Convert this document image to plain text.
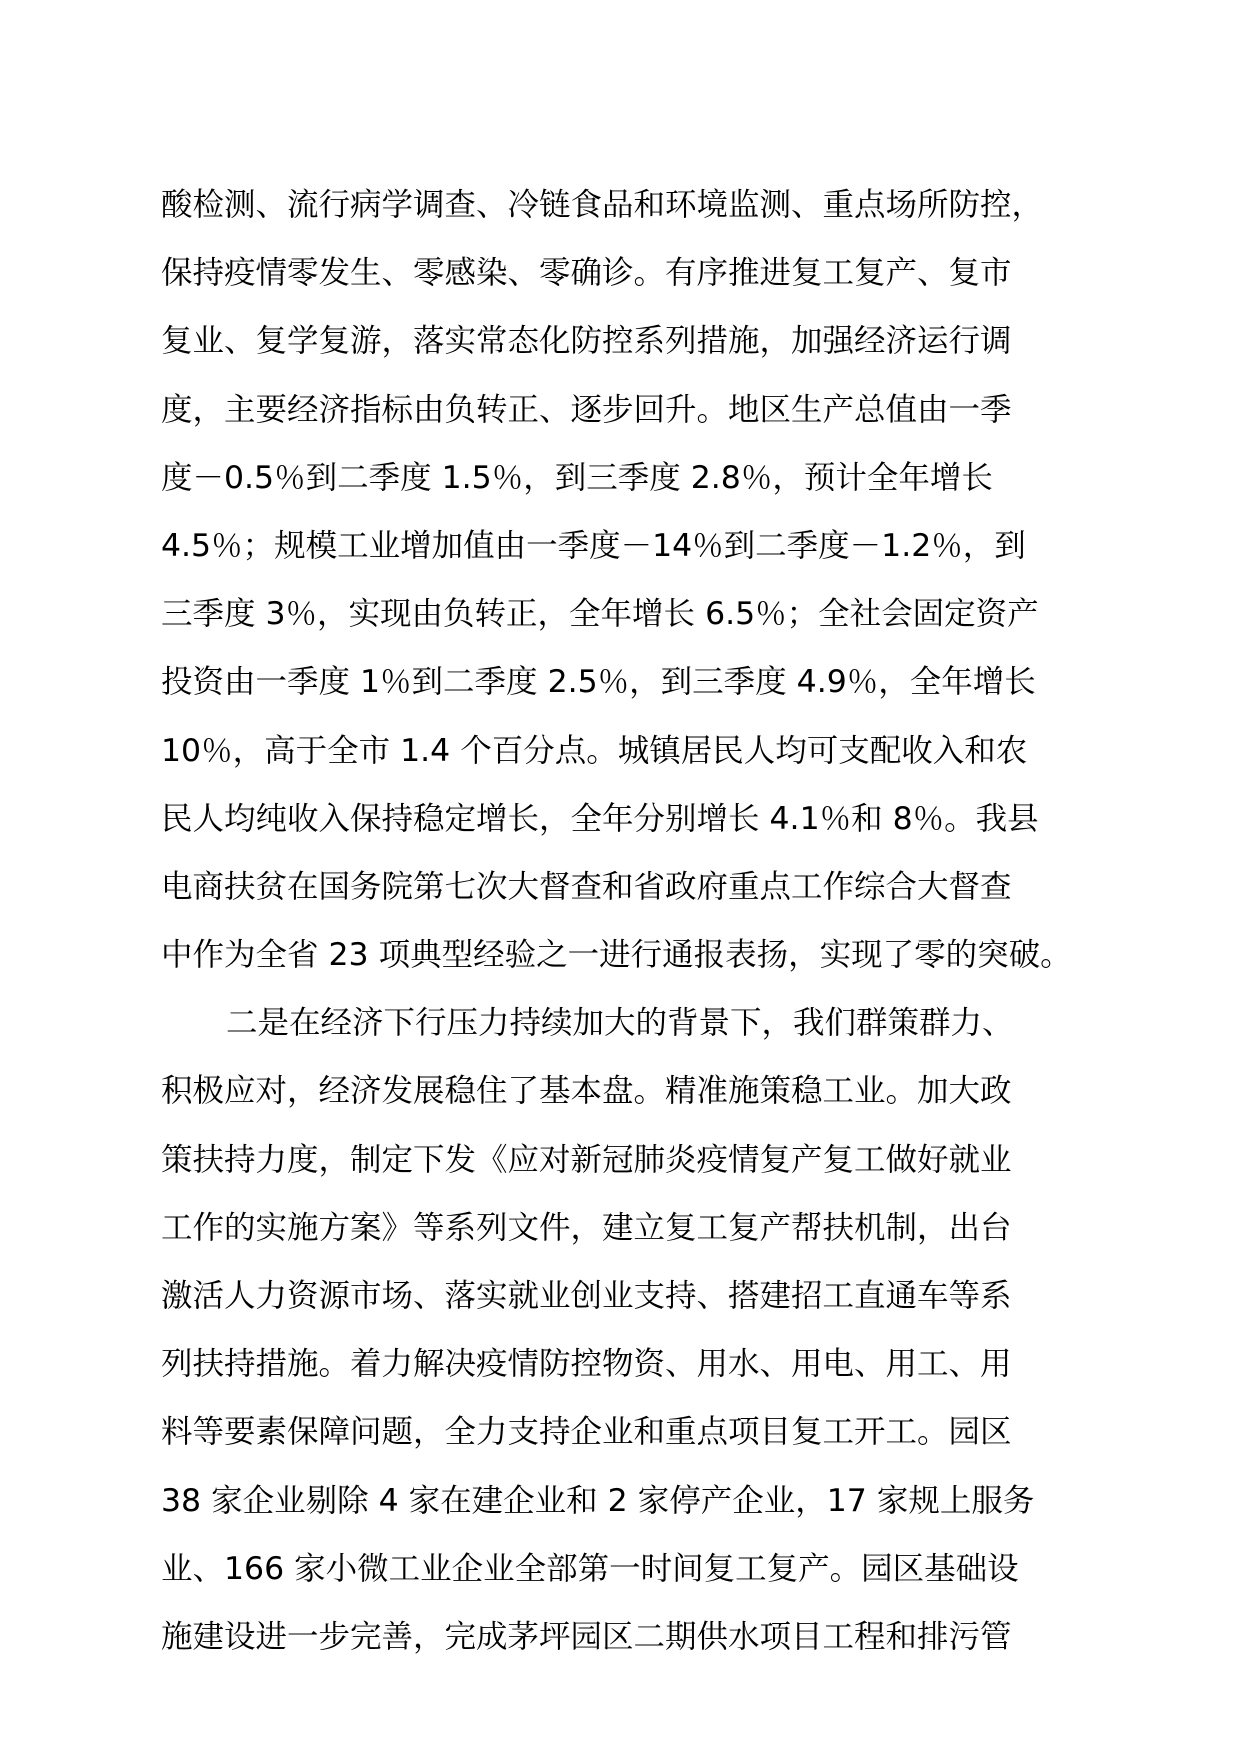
酸检测、流行病学调查、冷链食品和环境监测、重点场所防控，
保持疫情零发生、零感染、零确诊。有序推进复工复产、复市
复业、复学复游，落实常态化防控系列措施，加强经济运行调
度，主要经济指标由负转正、逐步回升。地区生产总值由一季
度－0.5％到二季度 1.5％，到三季度 2.8％，预计全年增长
4.5％；规模工业增加值由一季度－14％到二季度－1.2％，到
三季度 3％，实现由负转正，全年增长 6.5％；全社会固定资产
投资由一季度 1％到二季度 2.5％，到三季度 4.9％，全年增长
10％，高于全市 1.4 个百分点。城镇居民人均可支配收入和农
民人均纯收入保持稳定增长，全年分别增长 4.1％和 8％。我县
电商扶贫在国务院第七次大督查和省政府重点工作综合大督查
中作为全省 23 项典型经验之一进行通报表扬，实现了零的突破。
二是在经济下行压力持续加大的背景下，我们群策群力、
积极应对，经济发展稳住了基本盘。精准施策稳工业。加大政
策扶持力度，制定下发《应对新冠肺炎疫情复产复工做好就业
工作的实施方案》等系列文件，建立复工复产帮扶机制，出台
激活人力资源市场、落实就业创业支持、搭建招工直通车等系
列扶持措施。着力解决疫情防控物资、用水、用电、用工、用
料等要素保障问题，全力支持企业和重点项目复工开工。园区
38 家企业剔除 4 家在建企业和 2 家停产企业，17 家规上服务
业、166 家小微工业企业全部第一时间复工复产。园区基础设
施建设进一步完善，完成茅坪园区二期供水项目工程和排污管
